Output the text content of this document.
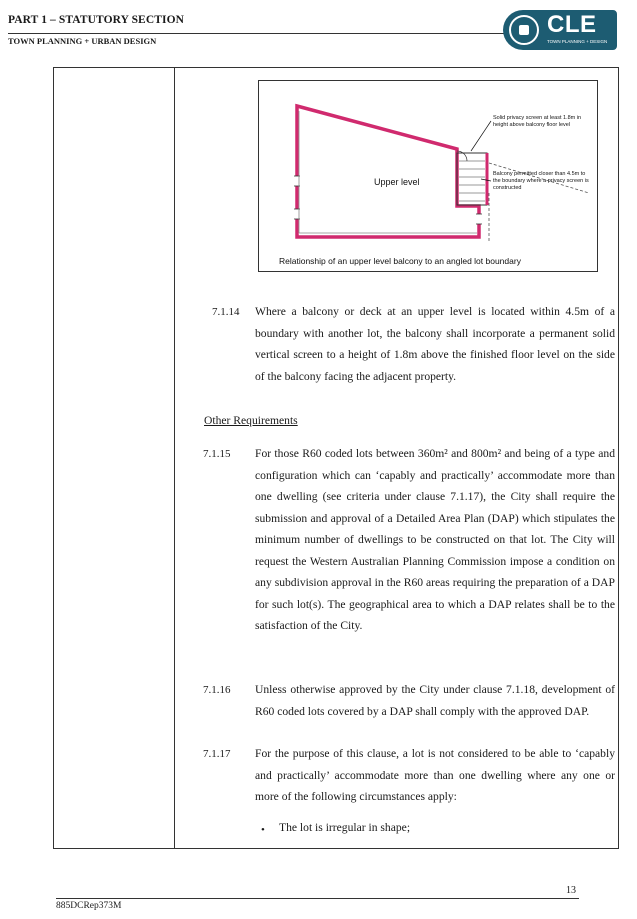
PART 1 – STATUTORY SECTION
TOWN PLANNING + URBAN DESIGN
CLE
TOWN PLANNING + DESIGN
Upper level
Solid privacy screen at least 1.8m in height above balcony floor level
Balcony permitted closer than 4.5m to the boundary where a privacy screen is constructed
Relationship of an upper level balcony to an angled lot boundary
7.1.14 Where a balcony or deck at an upper level is located within 4.5m of a boundary with another lot, the balcony shall incorporate a permanent solid vertical screen to a height of 1.8m above the finished floor level on the side of the balcony facing the adjacent property.
Other Requirements
7.1.15 For those R60 coded lots between 360m² and 800m² and being of a type and configuration which can ‘capably and practically’ accommodate more than one dwelling (see criteria under clause 7.1.17), the City shall require the submission and approval of a Detailed Area Plan (DAP) which stipulates the minimum number of dwellings to be constructed on that lot. The City will request the Western Australian Planning Commission impose a condition on any subdivision approval in the R60 areas requiring the preparation of a DAP for such lot(s). The geographical area to which a DAP relates shall be to the satisfaction of the City.
7.1.16 Unless otherwise approved by the City under clause 7.1.18, development of R60 coded lots covered by a DAP shall comply with the approved DAP.
7.1.17 For the purpose of this clause, a lot is not considered to be able to ‘capably and practically’ accommodate more than one dwelling where any one or more of the following circumstances apply:
• The lot is irregular in shape;
13
885DCRep373M
